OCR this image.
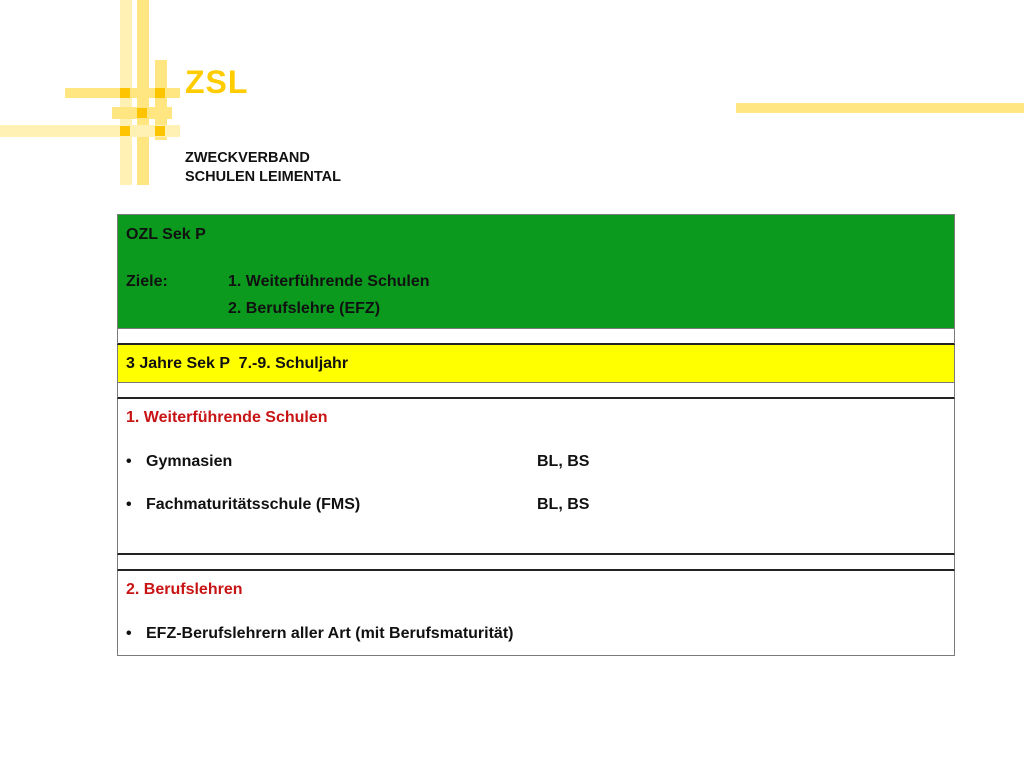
ZSL
ZWECKVERBAND
SCHULEN LEIMENTAL
OZL Sek P
Ziele:	1. Weiterführende Schulen
2. Berufslehre (EFZ)
3 Jahre Sek P  7.-9. Schuljahr
1. Weiterführende Schulen
• Gymnasien	BL, BS
• Fachmaturitätsschule (FMS)	BL, BS
2. Berufslehren
• EFZ-Berufslehrern aller Art (mit Berufsmaturität)
